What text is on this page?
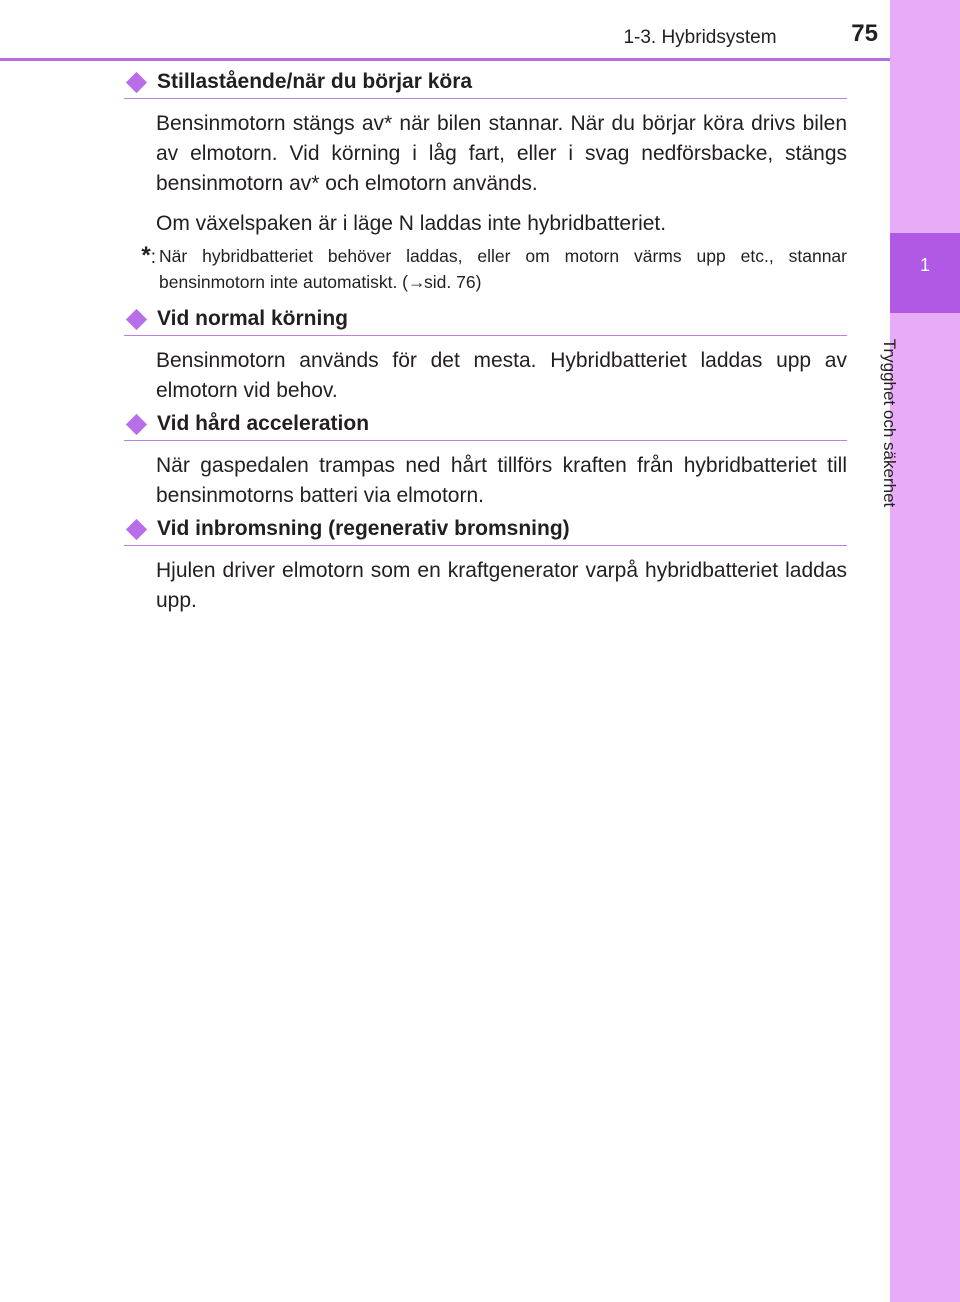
1
Trygghet och säkerhet
1-3. Hybridsystem	75
Stillastående/när du börjar köra
Bensinmotorn stängs av* när bilen stannar. När du börjar köra drivs bilen av elmotorn. Vid körning i låg fart, eller i svag nedförsbacke, stängs bensinmotorn av* och elmotorn används.
Om växelspaken är i läge N laddas inte hybridbatteriet.
*: När hybridbatteriet behöver laddas, eller om motorn värms upp etc., stannar bensinmotorn inte automatiskt. (→sid. 76)
Vid normal körning
Bensinmotorn används för det mesta. Hybridbatteriet laddas upp av elmotorn vid behov.
Vid hård acceleration
När gaspedalen trampas ned hårt tillförs kraften från hybridbatteriet till bensinmotorns batteri via elmotorn.
Vid inbromsning (regenerativ bromsning)
Hjulen driver elmotorn som en kraftgenerator varpå hybridbatteriet laddas upp.
